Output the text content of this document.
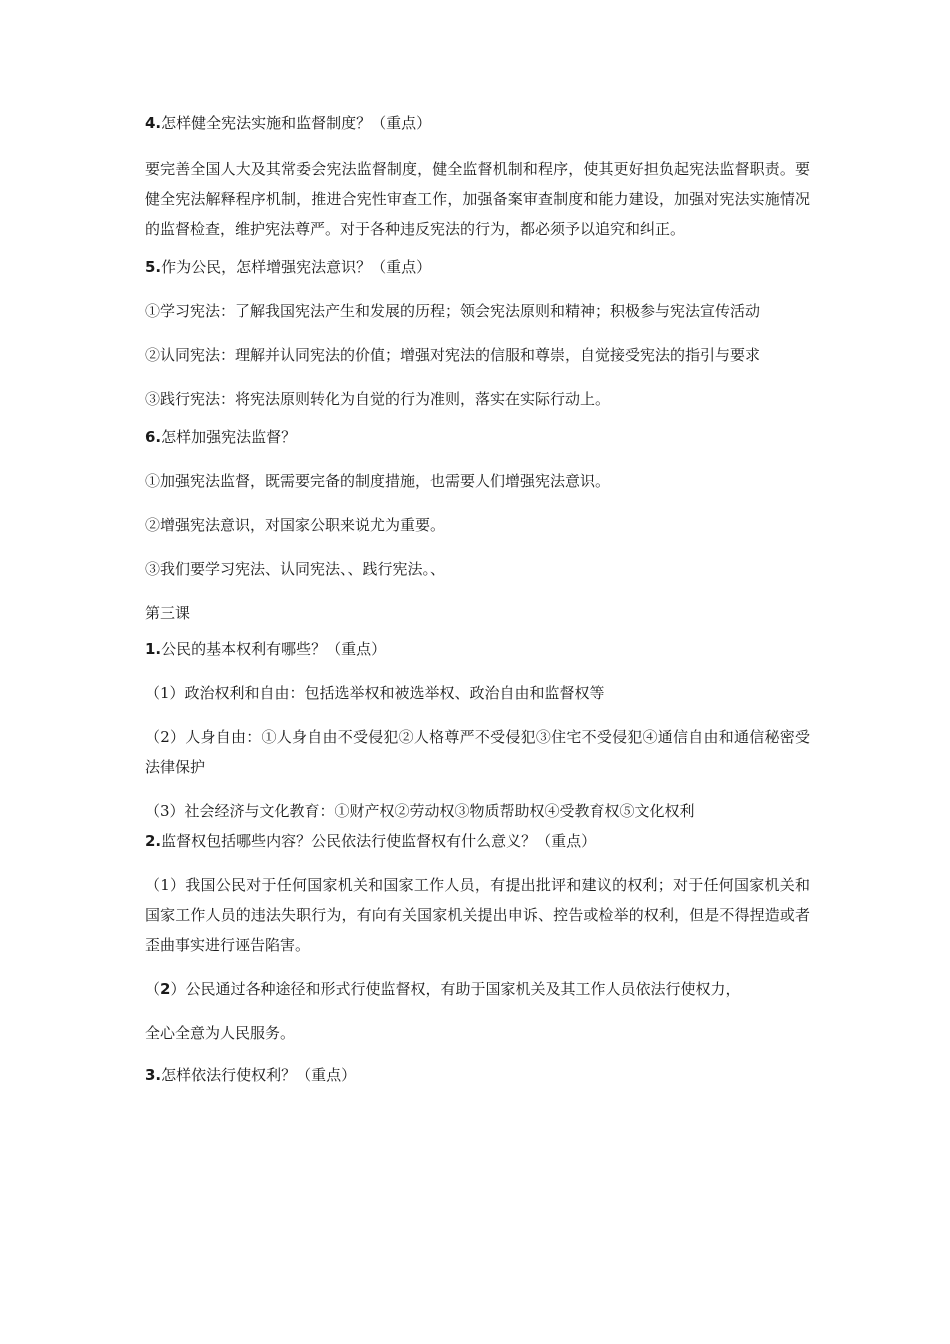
4.怎样健全宪法实施和监督制度？（重点）

要完善全国人大及其常委会宪法监督制度，健全监督机制和程序，使其更好担负起宪法监督职责。要健全宪法解释程序机制，推进合宪性审查工作，加强备案审查制度和能力建设，加强对宪法实施情况的监督检查，维护宪法尊严。对于各种违反宪法的行为，都必须予以追究和纠正。

5.作为公民，怎样增强宪法意识？（重点）

①学习宪法：了解我国宪法产生和发展的历程；领会宪法原则和精神；积极参与宪法宣传活动

②认同宪法：理解并认同宪法的价值；增强对宪法的信服和尊崇，自觉接受宪法的指引与要求

③践行宪法：将宪法原则转化为自觉的行为准则，落实在实际行动上。

6.怎样加强宪法监督？

①加强宪法监督，既需要完备的制度措施，也需要人们增强宪法意识。

②增强宪法意识，对国家公职来说尤为重要。

③我们要学习宪法、认同宪法、、践行宪法。、

第三课

1.公民的基本权利有哪些？（重点）

（1）政治权利和自由：包括选举权和被选举权、政治自由和监督权等

（2）人身自由：①人身自由不受侵犯②人格尊严不受侵犯③住宅不受侵犯④通信自由和通信秘密受法律保护

（3）社会经济与文化教育：①财产权②劳动权③物质帮助权④受教育权⑤文化权利

2.监督权包括哪些内容？公民依法行使监督权有什么意义？（重点）

（1）我国公民对于任何国家机关和国家工作人员，有提出批评和建议的权利；对于任何国家机关和国家工作人员的违法失职行为，有向有关国家机关提出申诉、控告或检举的权利，但是不得捏造或者歪曲事实进行诬告陷害。

（2）公民通过各种途径和形式行使监督权，有助于国家机关及其工作人员依法行使权力，

全心全意为人民服务。

3.怎样依法行使权利？（重点）
